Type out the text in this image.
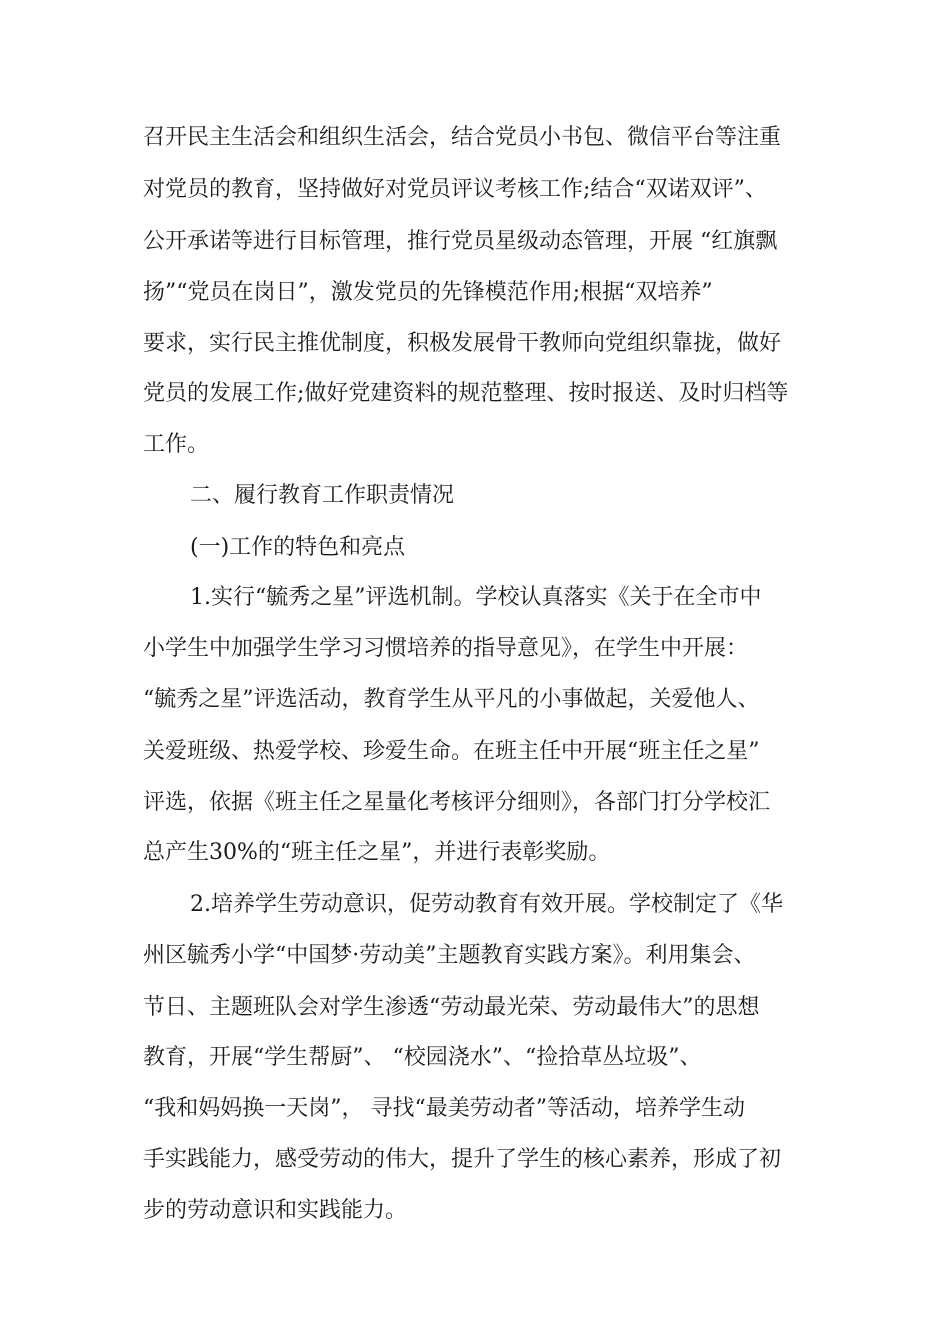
召开民主生活会和组织生活会，结合党员小书包、微信平台等注重

对党员的教育，坚持做好对党员评议考核工作;结合“双诺双评”、

公开承诺等进行目标管理，推行党员星级动态管理，开展 “红旗飘

扬”“党员在岗日”，激发党员的先锋模范作用;根据“双培养”

要求，实行民主推优制度，积极发展骨干教师向党组织靠拢，做好

党员的发展工作;做好党建资料的规范整理、按时报送、及时归档等

工作。

二、履行教育工作职责情况

(一)工作的特色和亮点

1.实行“毓秀之星”评选机制。学校认真落实《关于在全市中

小学生中加强学生学习习惯培养的指导意见》，在学生中开展：

“毓秀之星”评选活动，教育学生从平凡的小事做起，关爱他人、

关爱班级、热爱学校、珍爱生命。在班主任中开展“班主任之星”

评选，依据《班主任之星量化考核评分细则》，各部门打分学校汇

总产生30%的“班主任之星”，并进行表彰奖励。

2.培养学生劳动意识，促劳动教育有效开展。学校制定了《华

州区毓秀小学“中国梦·劳动美”主题教育实践方案》。利用集会、

节日、主题班队会对学生渗透“劳动最光荣、劳动最伟大”的思想

教育，开展“学生帮厨”、 “校园浇水”、“捡拾草丛垃圾”、

“我和妈妈换一天岗”， 寻找“最美劳动者”等活动，培养学生动

手实践能力，感受劳动的伟大，提升了学生的核心素养，形成了初

步的劳动意识和实践能力。
